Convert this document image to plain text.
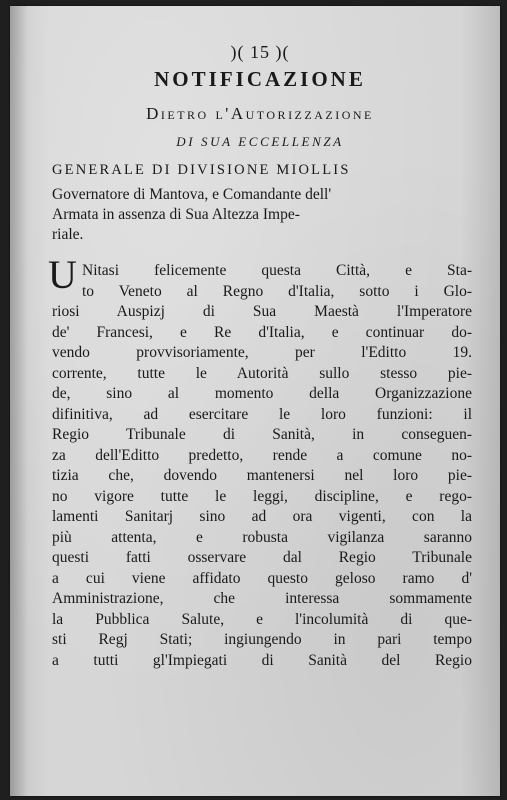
)( 15 )(
NOTIFICAZIONE
Dietro l'Autorizzazione
DI SUA ECCELLENZA
GENERALE DI DIVISIONE MIOLLIS
Governatore di Mantova, e Comandante dell'
Armata in assenza di Sua Altezza Impe-
riale.
U Nitasi felicemente questa Città, e Sta-
to Veneto al Regno d'Italia, sotto i Glo-
riosi Auspizj di Sua Maestà l'Imperatore
de' Francesi, e Re d'Italia, e continuar do-
vendo provvisoriamente, per l'Editto 19.
corrente, tutte le Autorità sullo stesso pie-
de, sino al momento della Organizzazione
difinitiva, ad esercitare le loro funzioni: il
Regio Tribunale di Sanità, in conseguen-
za dell'Editto predetto, rende a comune no-
tizia che, dovendo mantenersi nel loro pie-
no vigore tutte le leggi, discipline, e rego-
lamenti Sanitarj sino ad ora vigenti, con la
più attenta, e robusta vigilanza saranno
questi fatti osservare dal Regio Tribunale
a cui viene affidato questo geloso ramo d'
Amministrazione, che interessa sommamente
la Pubblica Salute, e l'incolumità di que-
sti Regj Stati; ingiungendo in pari tempo
a tutti gl'Impiegati di Sanità del Regio
